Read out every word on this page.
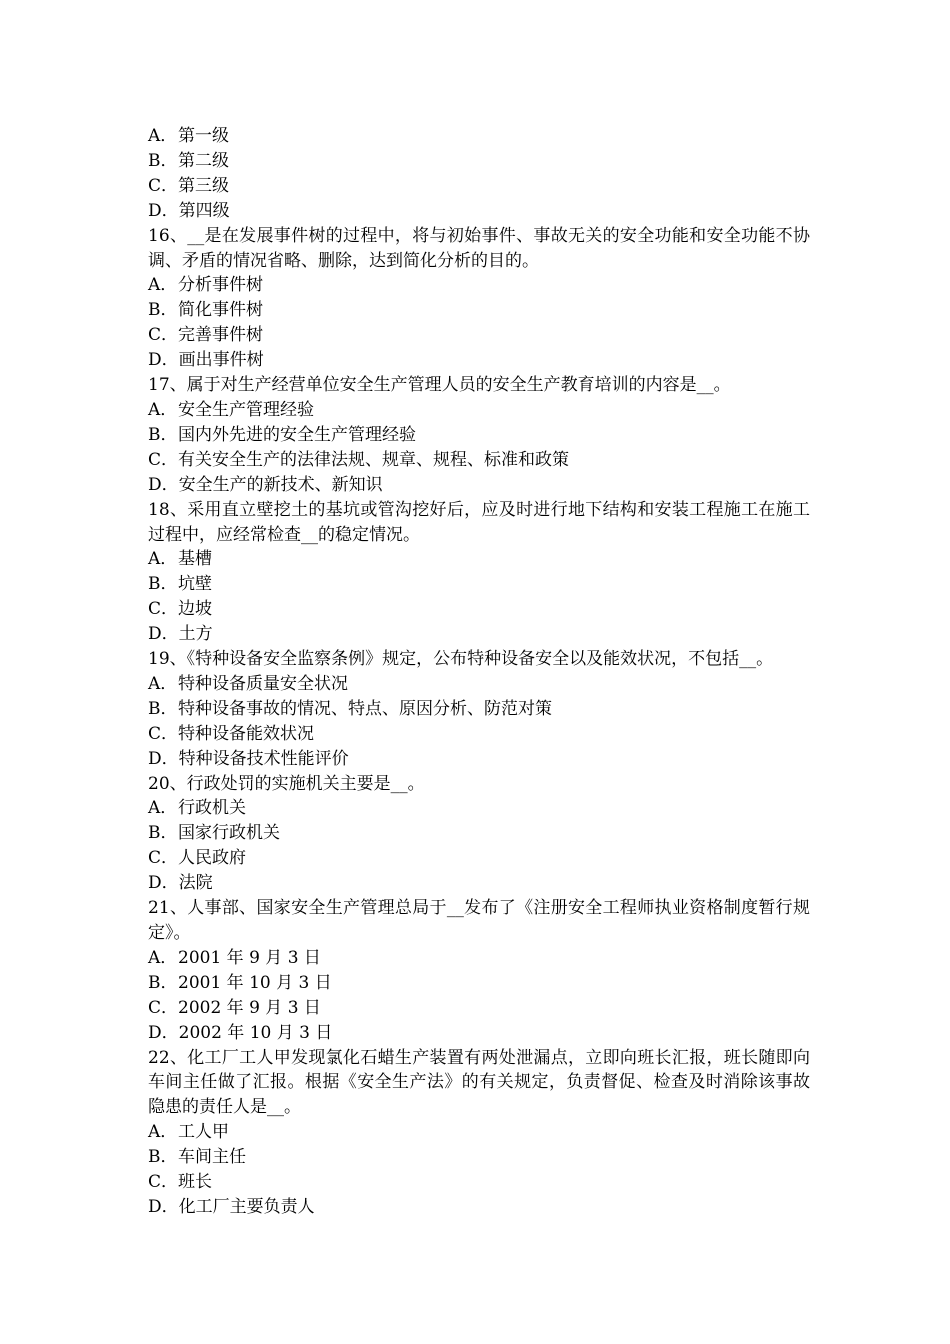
A．第一级
B．第二级
C．第三级
D．第四级

16、__是在发展事件树的过程中，将与初始事件、事故无关的安全功能和安全功能不协调、矛盾的情况省略、删除，达到简化分析的目的。

A．分析事件树
B．简化事件树
C．完善事件树
D．画出事件树

17、属于对生产经营单位安全生产管理人员的安全生产教育培训的内容是__。

A．安全生产管理经验
B．国内外先进的安全生产管理经验
C．有关安全生产的法律法规、规章、规程、标准和政策
D．安全生产的新技术、新知识

18、采用直立壁挖土的基坑或管沟挖好后，应及时进行地下结构和安装工程施工在施工过程中，应经常检查__的稳定情况。

A．基槽
B．坑壁
C．边坡
D．土方

19、《特种设备安全监察条例》规定，公布特种设备安全以及能效状况，不包括__。

A．特种设备质量安全状况
B．特种设备事故的情况、特点、原因分析、防范对策
C．特种设备能效状况
D．特种设备技术性能评价

20、行政处罚的实施机关主要是__。

A．行政机关
B．国家行政机关
C．人民政府
D．法院

21、人事部、国家安全生产管理总局于__发布了《注册安全工程师执业资格制度暂行规定》。

A．2001 年 9 月 3 日
B．2001 年 10 月 3 日
C．2002 年 9 月 3 日
D．2002 年 10 月 3 日

22、化工厂工人甲发现氯化石蜡生产装置有两处泄漏点，立即向班长汇报，班长随即向车间主任做了汇报。根据《安全生产法》的有关规定，负责督促、检查及时消除该事故隐患的责任人是__。

A．工人甲
B．车间主任
C．班长
D．化工厂主要负责人
